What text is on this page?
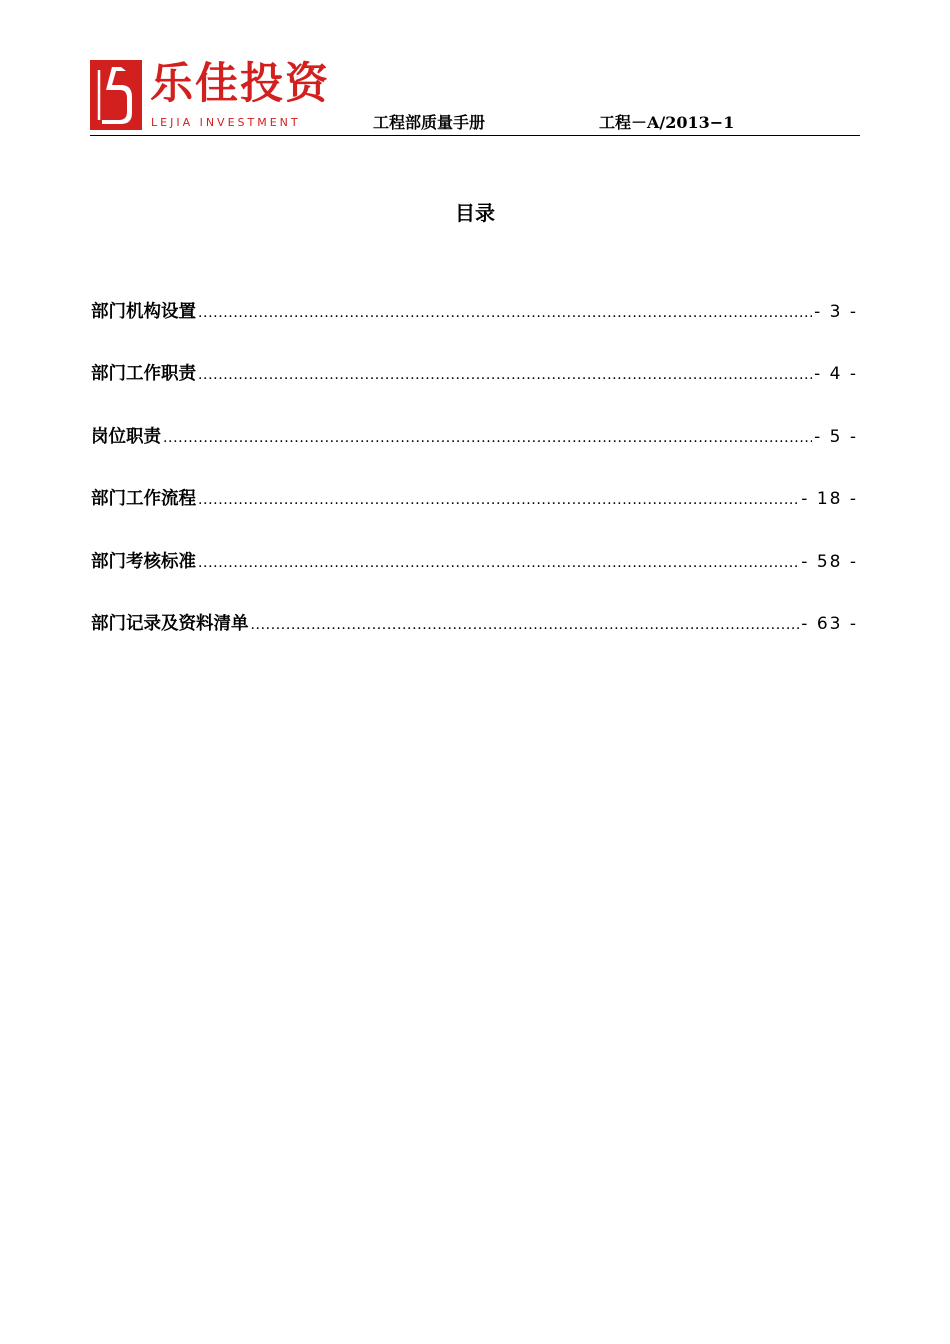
乐佳投资
LEJIA INVESTMENT	工程部质量手册	工程－A/2013−1
目录
部门机构设置 .....	- 3 -
部门工作职责 .....	- 4 -
岗位职责 .....	- 5 -
部门工作流程 .....	- 18 -
部门考核标准 .....	- 58 -
部门记录及资料清单 .....	- 63 -
